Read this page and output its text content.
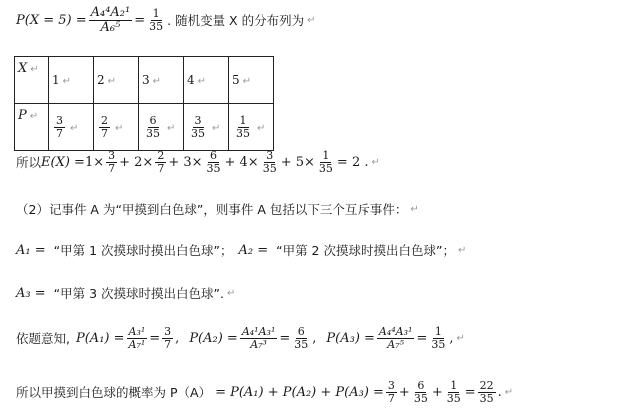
$P(X = 5) = \frac{\text{A₄⁴A₂¹}}{\text{A₆⁵}} = \frac{1}{35}$ . 随机变量 X 的分布列为 ↵
X ↵	1 ↵	2 ↵	3 ↵	4 ↵	5 ↵
P ↵	$\frac{3}{7}$ ↵	$\frac{2}{7}$ ↵	$\frac{6}{35}$ ↵	$\frac{3}{35}$ ↵	$\frac{1}{35}$ ↵
所以 $E(X) = 1\times \frac{3}{7} + 2\times \frac{2}{7} + 3\times \frac{6}{35} + 4\times \frac{3}{35} + 5\times \frac{1}{35} = 2$ . ↵
（2）记事件 A 为“甲摸到白色球”，则事件 A 包括以下三个互斥事件： ↵
A₁ = “甲第 1 次摸球时摸出白色球”； A₂ = “甲第 2 次摸球时摸出白色球”； ↵
A₃ = “甲第 3 次摸球时摸出白色球”. ↵
依题意知, $P(A_1) = \frac{\text{A₃¹}}{\text{A₇¹}} = \frac{3}{7}$ , $P(A_2) = \frac{\text{A₄¹A₃¹}}{\text{A₇³}} = \frac{6}{35}$ , $P(A_3) = \frac{\text{A₄⁴A₃¹}}{\text{A₇⁵}} = \frac{1}{35}$ , ↵
所以甲摸到白色球的概率为 $P(A) = P(A_1) + P(A_2) + P(A_3) = \frac{3}{7} + \frac{6}{35} + \frac{1}{35} = \frac{22}{35}$ . ↵
